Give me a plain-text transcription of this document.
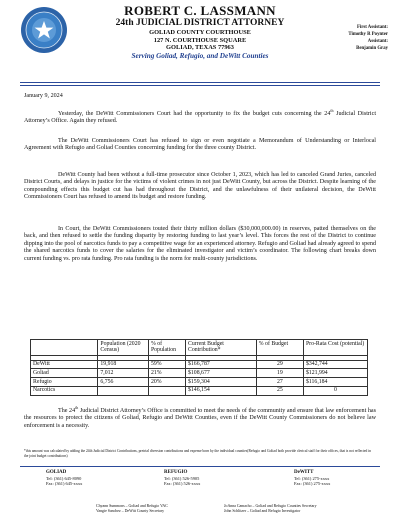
ROBERT C. LASSMANN
24th JUDICIAL DISTRICT ATTORNEY
GOLIAD COUNTY COURTHOUSE
127 N. COURTHOUSE SQUARE
GOLIAD, TEXAS 77963
Serving Goliad, Refugio, and DeWitt Counties
First Assistant:
Timothy R Poynter
Assistant:
Benjamin Gray

January 9, 2024

Yesterday, the DeWitt Commissioners Court had the opportunity to fix the budget cuts concerning the 24th Judicial District Attorney’s Office. Again they refused.

The DeWitt Commissioners Court has refused to sign or even negotiate a Memorandum of Understanding or Interlocal Agreement with Refugio and Goliad Counties concerning funding for the three county District.

DeWitt County had been without a full-time prosecutor since October 1, 2023, which has led to canceled Grand Juries, canceled District Courts, and delays in justice for the victims of violent crimes in not just DeWitt County, but across the District. Despite learning of the compounding effects this budget cut has had throughout the District, and the unlawfulness of their unilateral decision, the DeWitt Commissioners Court has refused to amend its budget and restore funding.

In Court, the DeWitt Commissioners touted their thirty million dollars ($30,000,000.00) in reserves, patted themselves on the back, and then refused to settle the funding disparity by restoring funding to last year’s level. This forces the rest of the District to continue dipping into the pool of narcotics funds to pay a competitive wage for an experienced attorney. Refugio and Goliad had already agreed to spend the shared narcotics funds to cover the salaries for the eliminated investigator and victim’s coordinator. The following chart breaks down current funding vs. pro rata funding. Pro rata funding is the norm for multi-county jurisdictions.

	Population (2020 Census)	% of Population	Current Budget Contribution*	% of Budget	Pro-Rata Cost (potential)

DeWitt	19,918	59%	$166,787	29	$342,744
Goliad	7,012	21%	$108,677	19	$121,994
Refugio	6,756	20%	$159,304	27	$116,184
Narcotics			$146,154	25	0

The 24th Judicial District Attorney’s Office is committed to meet the needs of the community and ensure that law enforcement has the resources to protect the citizens of Goliad, Refugio and DeWitt Counties, even if the DeWitt County Commissioners do not believe law enforcement is a necessity.

*this amount was calculated by adding the 24th Judicial District Contributions, pretrial diversion contributions and expense born by the individual counties(Refugio and Goliad both provide clerical staff for their offices, that is not reflected in the joint budget contributions)
GOLIAD
Tel: (361) 645-8090
Fax: (361) 645-xxxx
REFUGIO
Tel: (361) 526-5905
Fax: (361) 526-xxxx
DeWITT
Tel: (361) 275-xxxx
Fax: (361) 275-xxxx
Chyann Summons – Goliad and Refugio VAC
Vangie Sanchez – DeWitt County Secretary
JoAnna Camacho – Goliad and Refugio Counties Secretary
John Schlitzer – Goliad and Refugio Investigator
